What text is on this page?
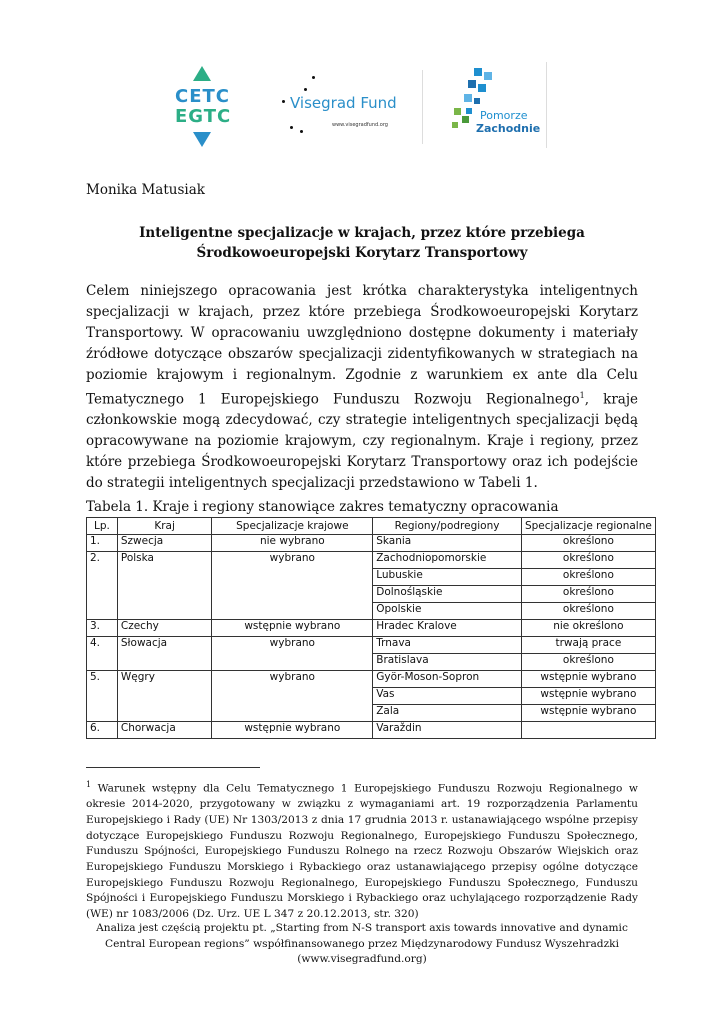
CETC
EGTC
Visegrad Fund
www.visegradfund.org
Pomorze
Zachodnie
Monika Matusiak
Inteligentne specjalizacje w krajach, przez które przebiega
Środkowoeuropejski Korytarz Transportowy
Celem niniejszego opracowania jest krótka charakterystyka inteligentnych specjalizacji w krajach, przez które przebiega Środkowoeuropejski Korytarz Transportowy. W opracowaniu uwzględniono dostępne dokumenty i materiały źródłowe dotyczące obszarów specjalizacji zidentyfikowanych w strategiach na poziomie krajowym i regionalnym. Zgodnie z warunkiem ex ante dla Celu Tematycznego 1 Europejskiego Funduszu Rozwoju Regionalnego$^1$, kraje członkowskie mogą zdecydować, czy strategie inteligentnych specjalizacji będą opracowywane na poziomie krajowym, czy regionalnym. Kraje i regiony, przez które przebiega Środkowoeuropejski Korytarz Transportowy oraz ich podejście do strategii inteligentnych specjalizacji przedstawiono w Tabeli 1.
Tabela 1. Kraje i regiony stanowiące zakres tematyczny opracowania
Lp.	Kraj	Specjalizacje krajowe	Regiony/podregiony	Specjalizacje regionalne
1.	Szwecja	nie wybrano	Skania	określono
2.	Polska	wybrano	Zachodniopomorskie	określono
			Lubuskie	określono
			Dolnośląskie	określono
			Opolskie	określono
3.	Czechy	wstępnie wybrano	Hradec Kralove	nie określono
4.	Słowacja	wybrano	Trnava	trwają prace
			Bratislava	określono
5.	Węgry	wybrano	Györ-Moson-Sopron	wstępnie wybrano
			Vas	wstępnie wybrano
			Zala	wstępnie wybrano
6.	Chorwacja	wstępnie wybrano	Varaždin	
$^1$ Warunek wstępny dla Celu Tematycznego 1 Europejskiego Funduszu Rozwoju Regionalnego w okresie 2014-2020, przygotowany w związku z wymaganiami art. 19 rozporządzenia Parlamentu Europejskiego i Rady (UE) Nr 1303/2013 z dnia 17 grudnia 2013 r. ustanawiającego wspólne przepisy dotyczące Europejskiego Funduszu Rozwoju Regionalnego, Europejskiego Funduszu Społecznego, Funduszu Spójności, Europejskiego Funduszu Rolnego na rzecz Rozwoju Obszarów Wiejskich oraz Europejskiego Funduszu Morskiego i Rybackiego oraz ustanawiającego przepisy ogólne dotyczące Europejskiego Funduszu Rozwoju Regionalnego, Europejskiego Funduszu Społecznego, Funduszu Spójności i Europejskiego Funduszu Morskiego i Rybackiego oraz uchylającego rozporządzenie Rady (WE) nr 1083/2006 (Dz. Urz. UE L 347 z 20.12.2013, str. 320)
Analiza jest częścią projektu pt. „Starting from N-S transport axis towards innovative and dynamic
Central European regions” współfinansowanego przez Międzynarodowy Fundusz Wyszehradzki
(www.visegradfund.org)
